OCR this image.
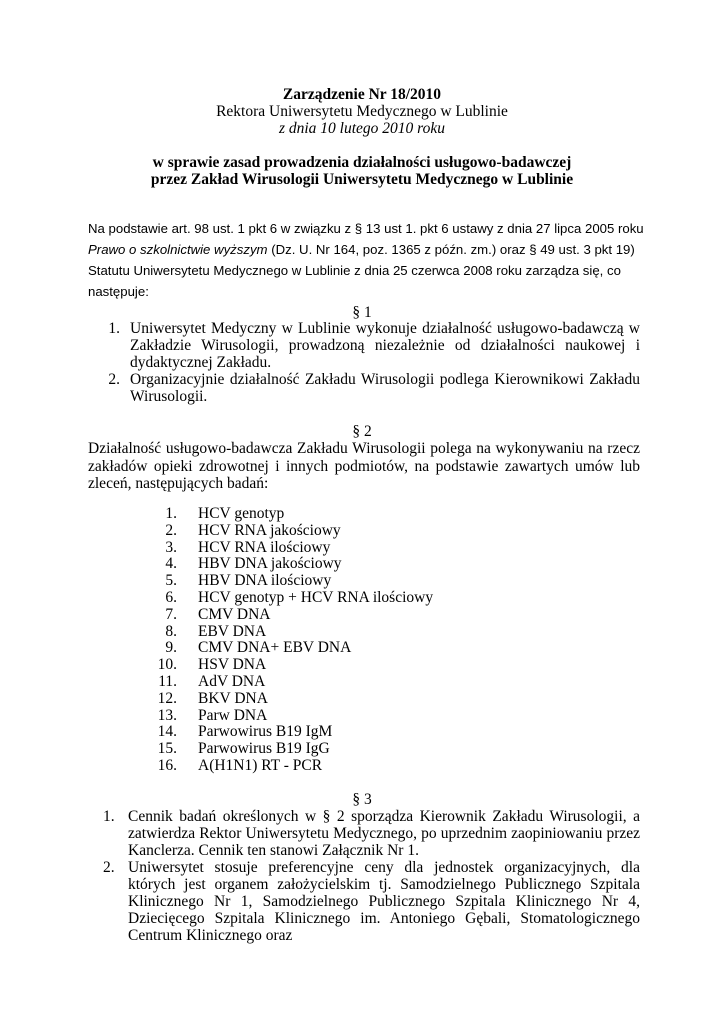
Zarządzenie Nr 18/2010
Rektora Uniwersytetu Medycznego w Lublinie
z dnia 10 lutego 2010 roku
w sprawie zasad prowadzenia działalności usługowo-badawczej
przez Zakład Wirusologii Uniwersytetu Medycznego w Lublinie
Na podstawie art. 98 ust. 1 pkt 6 w związku z § 13 ust 1. pkt 6 ustawy z dnia 27 lipca 2005 roku Prawo o szkolnictwie wyższym (Dz. U. Nr 164, poz. 1365 z późn. zm.) oraz § 49 ust. 3 pkt 19) Statutu Uniwersytetu Medycznego w Lublinie z dnia 25 czerwca 2008 roku zarządza się, co następuje:
§ 1
1. Uniwersytet Medyczny w Lublinie wykonuje działalność usługowo-badawczą w Zakładzie Wirusologii, prowadzoną niezależnie od działalności naukowej i dydaktycznej Zakładu.
2. Organizacyjnie działalność Zakładu Wirusologii podlega Kierownikowi Zakładu Wirusologii.
§ 2
Działalność usługowo-badawcza Zakładu Wirusologii polega na wykonywaniu na rzecz zakładów opieki zdrowotnej i innych podmiotów, na podstawie zawartych umów lub zleceń, następujących badań:
1. HCV genotyp
2. HCV RNA jakościowy
3. HCV RNA ilościowy
4. HBV DNA jakościowy
5. HBV DNA ilościowy
6. HCV genotyp + HCV RNA ilościowy
7. CMV DNA
8. EBV DNA
9. CMV DNA+ EBV DNA
10. HSV DNA
11. AdV DNA
12. BKV DNA
13. Parw DNA
14. Parwowirus B19 IgM
15. Parwowirus B19 IgG
16. A(H1N1) RT - PCR
§ 3
1. Cennik badań określonych w § 2 sporządza Kierownik Zakładu Wirusologii, a zatwierdza Rektor Uniwersytetu Medycznego, po uprzednim zaopiniowaniu przez Kanclerza. Cennik ten stanowi Załącznik Nr 1.
2. Uniwersytet stosuje preferencyjne ceny dla jednostek organizacyjnych, dla których jest organem założycielskim tj. Samodzielnego Publicznego Szpitala Klinicznego Nr 1, Samodzielnego Publicznego Szpitala Klinicznego Nr 4, Dziecięcego Szpitala Klinicznego im. Antoniego Gębali, Stomatologicznego Centrum Klinicznego oraz
